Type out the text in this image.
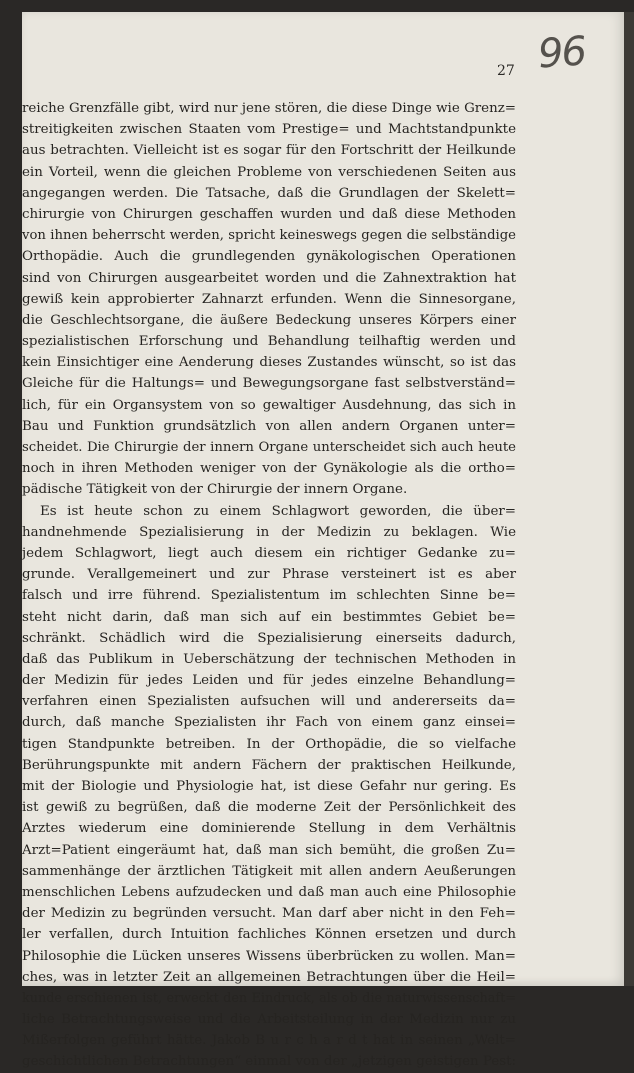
96
27
reiche Grenzfälle gibt, wird nur jene stören, die diese Dinge wie Grenz=
streitigkeiten zwischen Staaten vom Prestige= und Machtstandpunkte
aus betrachten. Vielleicht ist es sogar für den Fortschritt der Heilkunde
ein Vorteil, wenn die gleichen Probleme von verschiedenen Seiten aus
angegangen werden. Die Tatsache, daß die Grundlagen der Skelett=
chirurgie von Chirurgen geschaffen wurden und daß diese Methoden
von ihnen beherrscht werden, spricht keineswegs gegen die selbständige
Orthopädie. Auch die grundlegenden gynäkologischen Operationen
sind von Chirurgen ausgearbeitet worden und die Zahnextraktion hat
gewiß kein approbierter Zahnarzt erfunden. Wenn die Sinnesorgane,
die Geschlechtsorgane, die äußere Bedeckung unseres Körpers einer
spezialistischen Erforschung und Behandlung teilhaftig werden und
kein Einsichtiger eine Aenderung dieses Zustandes wünscht, so ist das
Gleiche für die Haltungs= und Bewegungsorgane fast selbstverständ=
lich, für ein Organsystem von so gewaltiger Ausdehnung, das sich in
Bau und Funktion grundsätzlich von allen andern Organen unter=
scheidet. Die Chirurgie der innern Organe unterscheidet sich auch heute
noch in ihren Methoden weniger von der Gynäkologie als die ortho=
pädische Tätigkeit von der Chirurgie der innern Organe.
Es ist heute schon zu einem Schlagwort geworden, die über=
handnehmende Spezialisierung in der Medizin zu beklagen. Wie
jedem Schlagwort, liegt auch diesem ein richtiger Gedanke zu=
grunde. Verallgemeinert und zur Phrase versteinert ist es aber
falsch und irre führend. Spezialistentum im schlechten Sinne be=
steht nicht darin, daß man sich auf ein bestimmtes Gebiet be=
schränkt. Schädlich wird die Spezialisierung einerseits dadurch,
daß das Publikum in Ueberschätzung der technischen Methoden in
der Medizin für jedes Leiden und für jedes einzelne Behandlung=
verfahren einen Spezialisten aufsuchen will und andererseits da=
durch, daß manche Spezialisten ihr Fach von einem ganz einsei=
tigen Standpunkte betreiben. In der Orthopädie, die so vielfache
Berührungspunkte mit andern Fächern der praktischen Heilkunde,
mit der Biologie und Physiologie hat, ist diese Gefahr nur gering. Es
ist gewiß zu begrüßen, daß die moderne Zeit der Persönlichkeit des
Arztes wiederum eine dominierende Stellung in dem Verhältnis
Arzt=Patient eingeräumt hat, daß man sich bemüht, die großen Zu=
sammenhänge der ärztlichen Tätigkeit mit allen andern Aeußerungen
menschlichen Lebens aufzudecken und daß man auch eine Philosophie
der Medizin zu begründen versucht. Man darf aber nicht in den Feh=
ler verfallen, durch Intuition fachliches Können ersetzen und durch
Philosophie die Lücken unseres Wissens überbrücken zu wollen. Man=
ches, was in letzter Zeit an allgemeinen Betrachtungen über die Heil=
kunde erschienen ist, erweckt den Eindruck, als ob die naturwissenschaft=
liche Betrachtungsweise und die Arbeitsteilung in der Medizin nur zu
Mißerfolgen geführt hätte. Jakob B u r c h a r d t hat in seinen „Welt=
geschichtlichen Betrachtungen“ einmal von der „jetzigen geistigen Pest:
